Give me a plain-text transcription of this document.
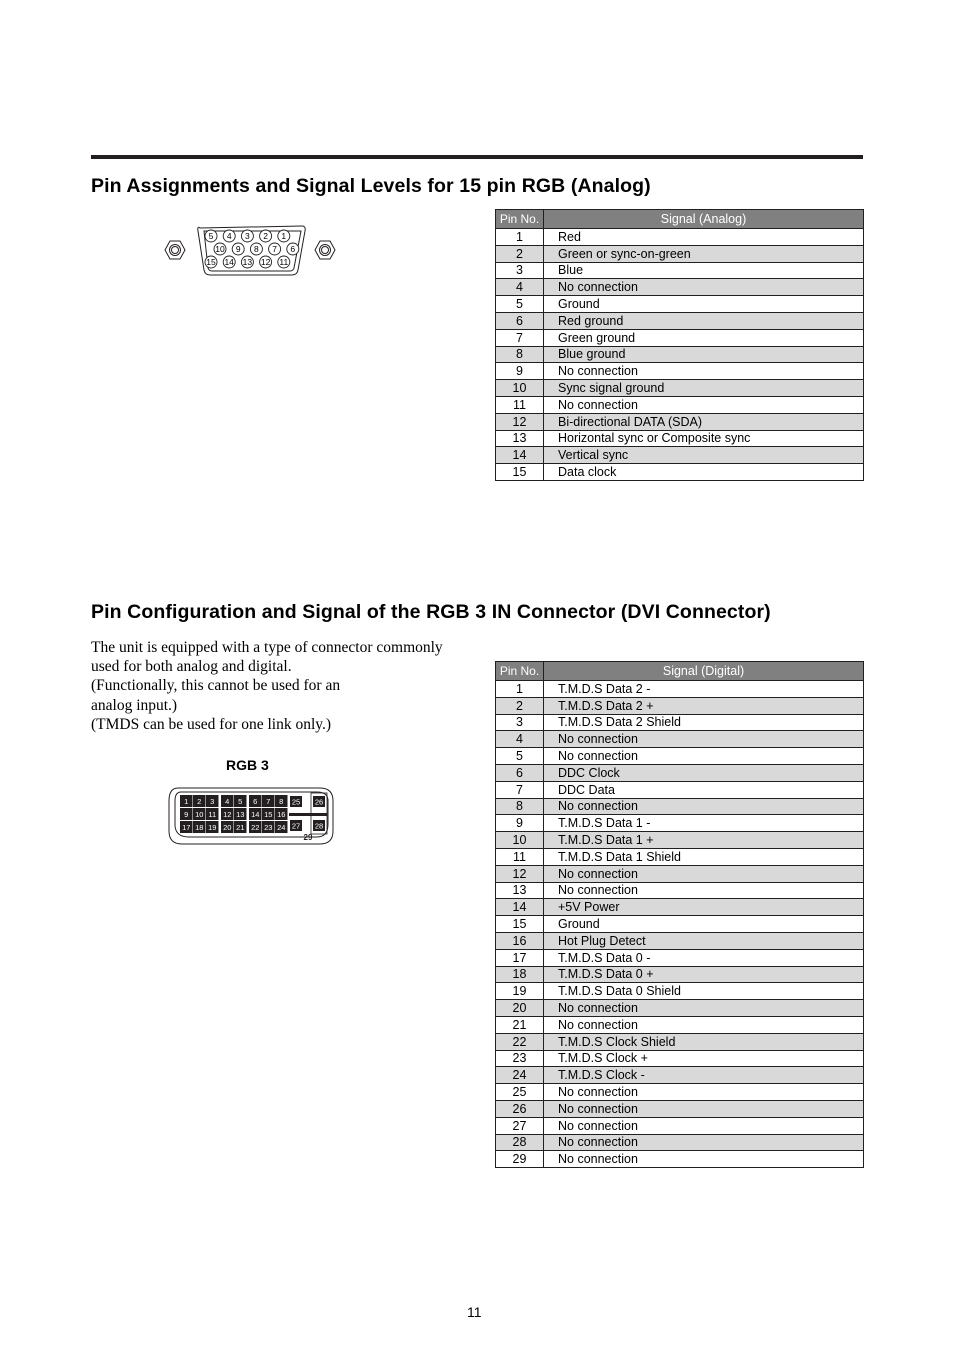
Pin Assignments and Signal Levels for 15 pin RGB (Analog)
5 4 3 2 1
10 9 8 7 6
15 14 13 12 11
Pin No.	Signal (Analog)
1	Red
2	Green or sync-on-green
3	Blue
4	No connection
5	Ground
6	Red ground
7	Green ground
8	Blue ground
9	No connection
10	Sync signal ground
11	No connection
12	Bi-directional DATA (SDA)
13	Horizontal sync or Composite sync
14	Vertical sync
15	Data clock
Pin Configuration and Signal of the RGB 3 IN Connector (DVI Connector)
The unit is equipped with a type of connector commonly
used for both analog and digital.
(Functionally, this cannot be used for an
analog input.)
(TMDS can be used for one link only.)
RGB 3
1 2 3 4 5 6 7 8
9 10 11 12 13 14 15 16
17 18 19 20 21 22 23 24
25 26
27 28
29
Pin No.	Signal (Digital)
1	T.M.D.S Data 2 -
2	T.M.D.S Data 2 +
3	T.M.D.S Data 2 Shield
4	No connection
5	No connection
6	DDC Clock
7	DDC Data
8	No connection
9	T.M.D.S Data 1 -
10	T.M.D.S Data 1 +
11	T.M.D.S Data 1 Shield
12	No connection
13	No connection
14	+5V Power
15	Ground
16	Hot Plug Detect
17	T.M.D.S Data 0 -
18	T.M.D.S Data 0 +
19	T.M.D.S Data 0 Shield
20	No connection
21	No connection
22	T.M.D.S Clock Shield
23	T.M.D.S Clock +
24	T.M.D.S Clock -
25	No connection
26	No connection
27	No connection
28	No connection
29	No connection
11
